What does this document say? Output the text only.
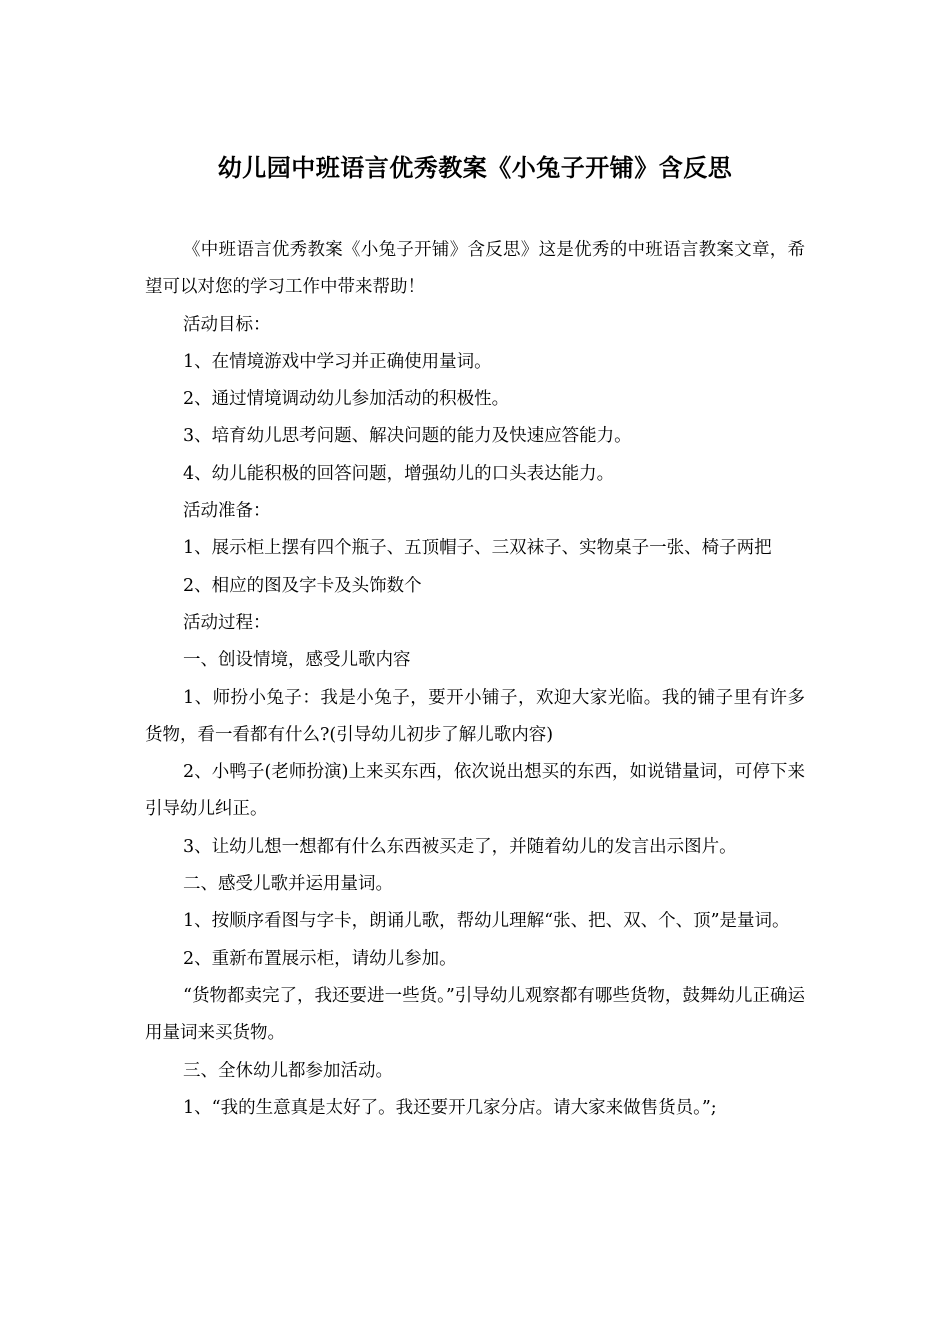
幼儿园中班语言优秀教案《小兔子开铺》含反思

《中班语言优秀教案《小兔子开铺》含反思》这是优秀的中班语言教案文章，希望可以对您的学习工作中带来帮助！

活动目标：

1、在情境游戏中学习并正确使用量词。

2、通过情境调动幼儿参加活动的积极性。

3、培育幼儿思考问题、解决问题的能力及快速应答能力。

4、幼儿能积极的回答问题，增强幼儿的口头表达能力。

活动准备：

1、展示柜上摆有四个瓶子、五顶帽子、三双袜子、实物桌子一张、椅子两把

2、相应的图及字卡及头饰数个

活动过程：

一、创设情境，感受儿歌内容

1、师扮小兔子：我是小兔子，要开小铺子，欢迎大家光临。我的铺子里有许多货物，看一看都有什么?(引导幼儿初步了解儿歌内容)

2、小鸭子(老师扮演)上来买东西，依次说出想买的东西，如说错量词，可停下来引导幼儿纠正。

3、让幼儿想一想都有什么东西被买走了，并随着幼儿的发言出示图片。

二、感受儿歌并运用量词。

1、按顺序看图与字卡，朗诵儿歌，帮幼儿理解“张、把、双、个、顶”是量词。

2、重新布置展示柜，请幼儿参加。

“货物都卖完了，我还要进一些货。”引导幼儿观察都有哪些货物，鼓舞幼儿正确运用量词来买货物。

三、全休幼儿都参加活动。

1、“我的生意真是太好了。我还要开几家分店。请大家来做售货员。”;
